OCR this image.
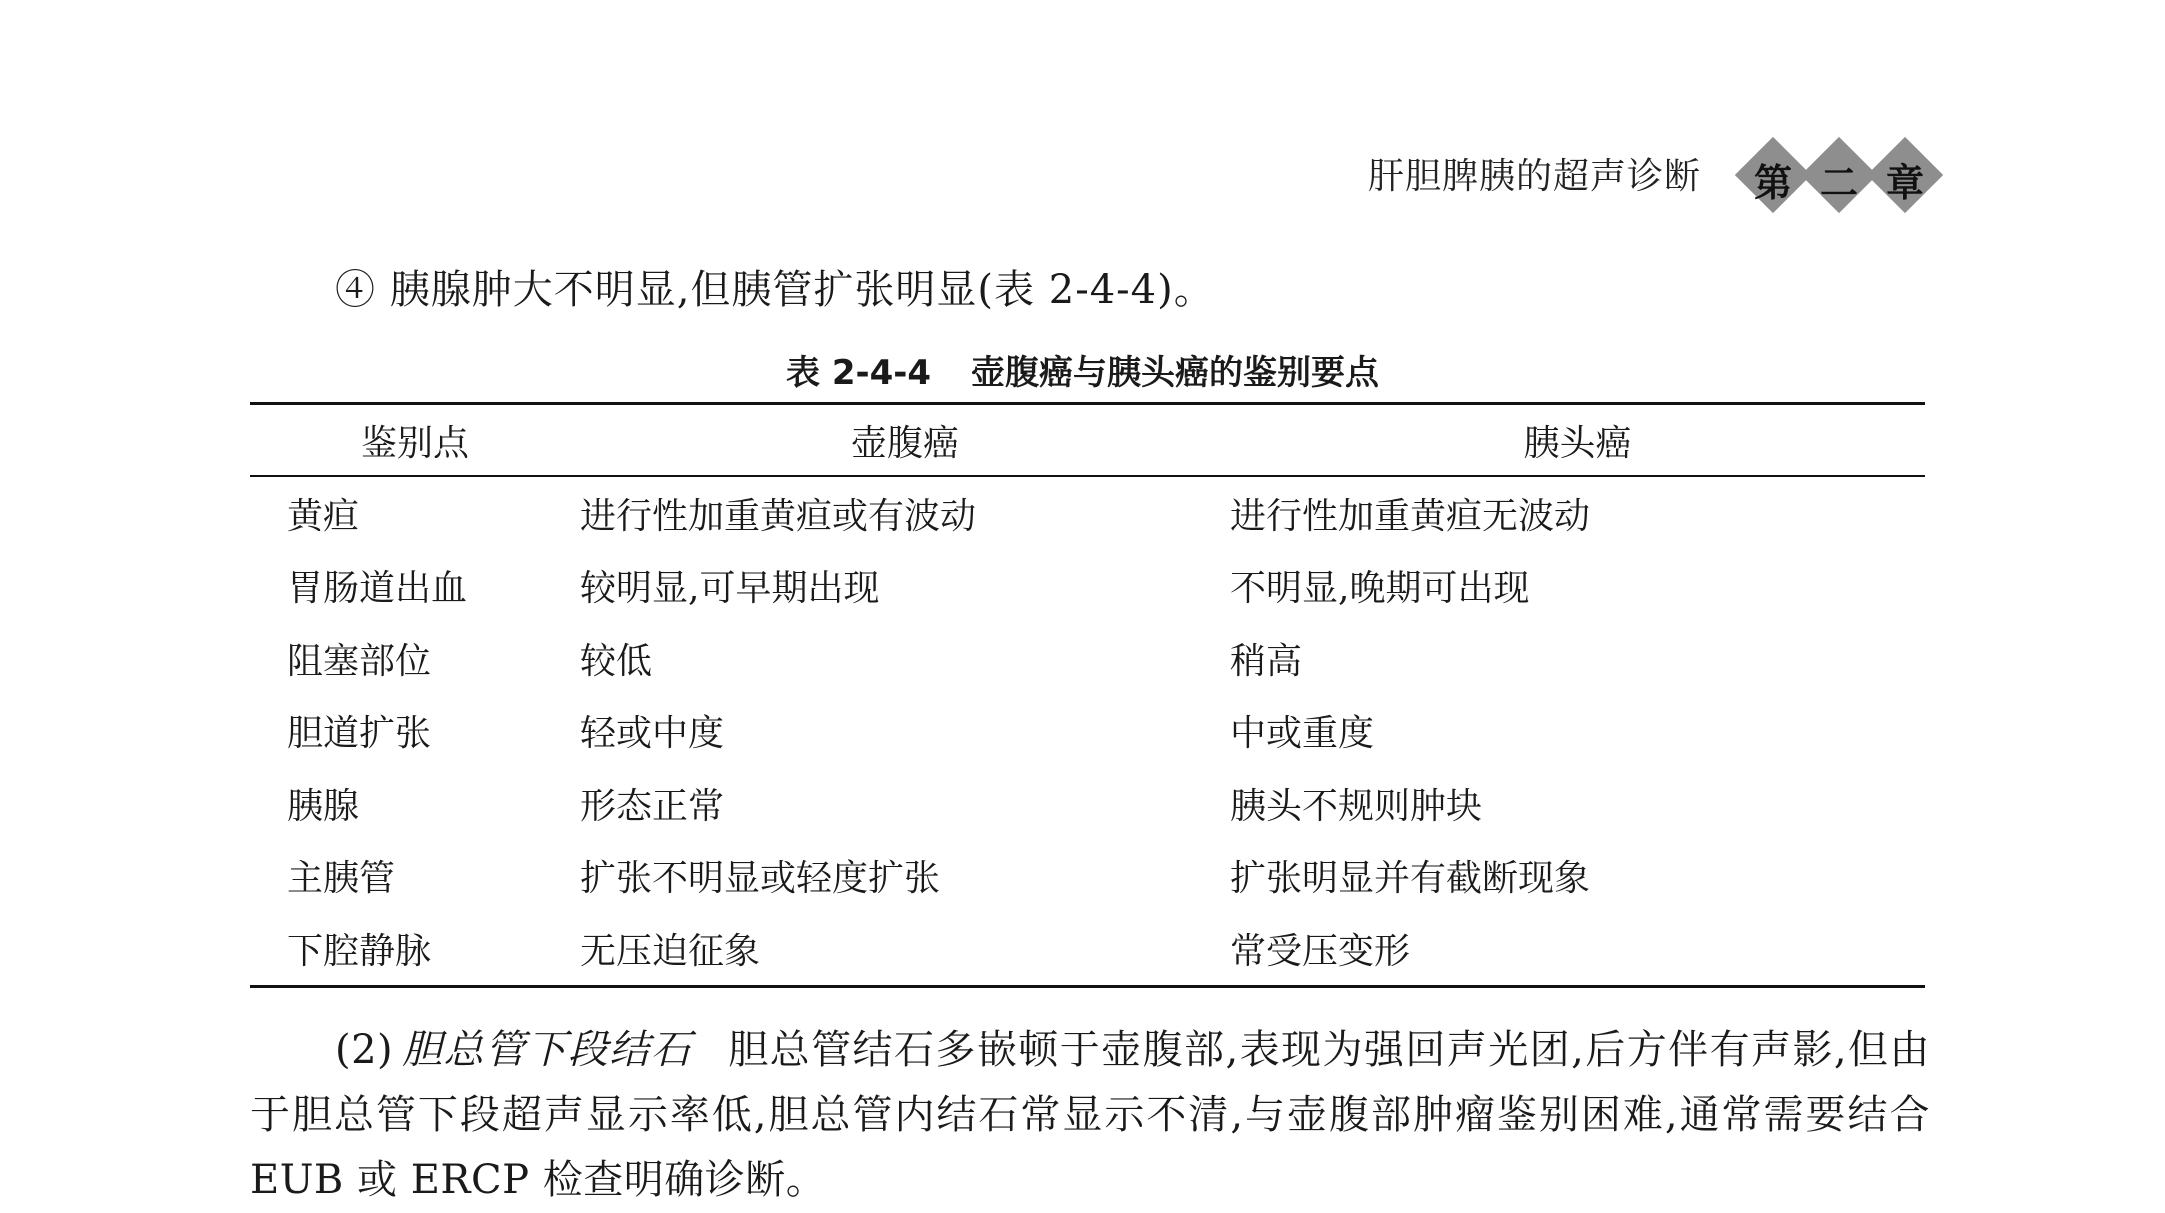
肝胆脾胰的超声诊断	第 二 章
④ 胰腺肿大不明显,但胰管扩张明显(表 2-4-4)。
表 2-4-4 壶腹癌与胰头癌的鉴别要点
鉴别点	壶腹癌	胰头癌
黄疸	进行性加重黄疸或有波动	进行性加重黄疸无波动
胃肠道出血	较明显,可早期出现	不明显,晚期可出现
阻塞部位	较低	稍高
胆道扩张	轻或中度	中或重度
胰腺	形态正常	胰头不规则肿块
主胰管	扩张不明显或轻度扩张	扩张明显并有截断现象
下腔静脉	无压迫征象	常受压变形
(2) 胆总管下段结石 胆总管结石多嵌顿于壶腹部,表现为强回声光团,后方伴有声影,但由于胆总管下段超声显示率低,胆总管内结石常显示不清,与壶腹部肿瘤鉴别困难,通常需要结合 EUB 或 ERCP 检查明确诊断。
